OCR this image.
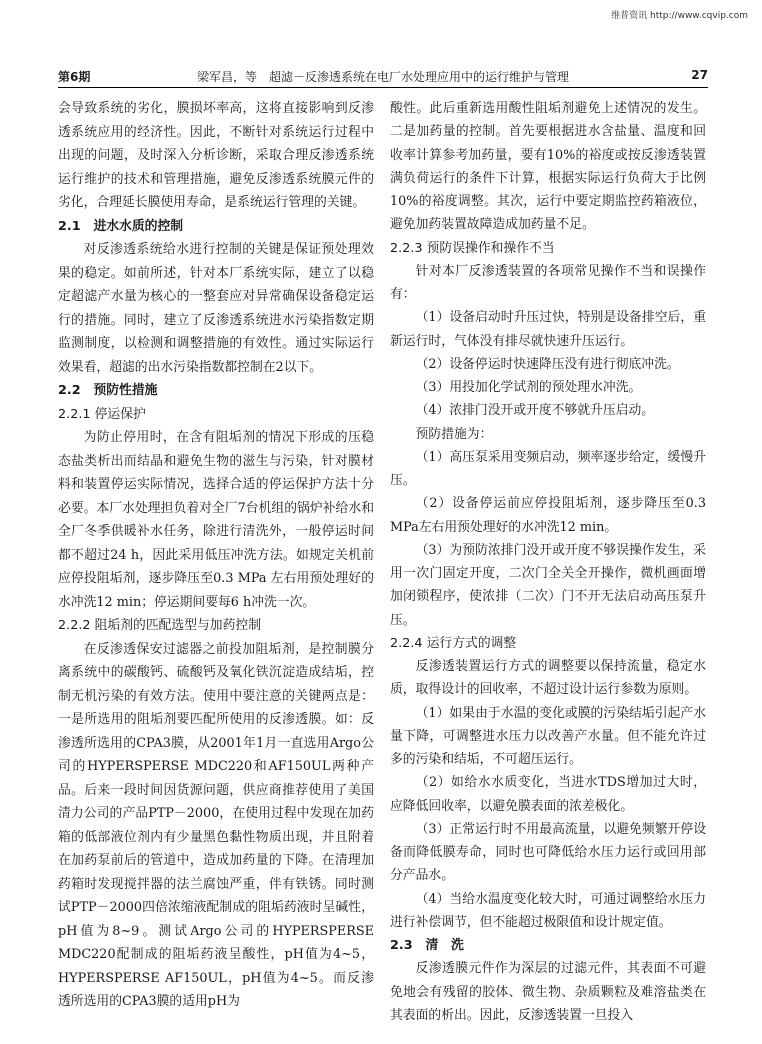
维普资讯 http://www.cqvip.com
第6期	梁军昌，等　超滤－反渗透系统在电厂水处理应用中的运行维护与管理	27

会导致系统的劣化，膜损坏率高，这将直接影响到反渗透系统应用的经济性。因此，不断针对系统运行过程中出现的问题，及时深入分析诊断，采取合理反渗透系统运行维护的技术和管理措施，避免反渗透系统膜元件的劣化，合理延长膜使用寿命，是系统运行管理的关键。

2.1　进水水质的控制

对反渗透系统给水进行控制的关键是保证预处理效果的稳定。如前所述，针对本厂系统实际，建立了以稳定超滤产水量为核心的一整套应对异常确保设备稳定运行的措施。同时，建立了反渗透系统进水污染指数定期监测制度，以检测和调整措施的有效性。通过实际运行效果看，超滤的出水污染指数都控制在2以下。

2.2　预防性措施
2.2.1 停运保护

为防止停用时，在含有阻垢剂的情况下形成的压稳态盐类析出而结晶和避免生物的滋生与污染，针对膜材料和装置停运实际情况，选择合适的停运保护方法十分必要。本厂水处理担负着对全厂7台机组的锅炉补给水和全厂冬季供暖补水任务，除进行清洗外，一般停运时间都不超过24 h，因此采用低压冲洗方法。如规定关机前应停投阻垢剂，逐步降压至0.3 MPa 左右用预处理好的水冲洗12 min；停运期间要每6 h冲洗一次。

2.2.2 阻垢剂的匹配选型与加药控制

在反渗透保安过滤器之前投加阻垢剂，是控制膜分离系统中的碳酸钙、硫酸钙及氧化铁沉淀造成结垢，控制无机污染的有效方法。使用中要注意的关键两点是：一是所选用的阻垢剂要匹配所使用的反渗透膜。如：反渗透所选用的CPA3膜，从2001年1月一直选用Argo公司的HYPERSPERSE MDC220和AF150UL两种产品。后来一段时间因货源问题，供应商推荐使用了美国清力公司的产品PTP－2000，在使用过程中发现在加药箱的低部液位剂内有少量黑色黏性物质出现，并且附着在加药泵前后的管道中，造成加药量的下降。在清理加药箱时发现搅拌器的法兰腐蚀严重，伴有铁锈。同时测试PTP－2000四倍浓缩液配制成的阻垢药液时呈碱性，pH值为8~9。测试Argo公司的HYPERSPERSE MDC220配制成的阻垢药液呈酸性，pH值为4~5，HYPERSPERSE AF150UL，pH值为4~5。而反渗透所选用的CPA3膜的适用pH为

酸性。此后重新选用酸性阻垢剂避免上述情况的发生。二是加药量的控制。首先要根据进水含盐量、温度和回收率计算参考加药量，要有10%的裕度或按反渗透装置满负荷运行的条件下计算，根据实际运行负荷大于比例10%的裕度调整。其次，运行中要定期监控药箱液位，避免加药装置故障造成加药量不足。

2.2.3 预防误操作和操作不当

针对本厂反渗透装置的各项常见操作不当和误操作有：

（1）设备启动时升压过快，特别是设备排空后，重新运行时，气体没有排尽就快速升压运行。

（2）设备停运时快速降压没有进行彻底冲洗。

（3）用投加化学试剂的预处理水冲洗。

（4）浓排门没开或开度不够就升压启动。

预防措施为：

（1）高压泵采用变频启动，频率逐步给定，缓慢升压。

（2）设备停运前应停投阻垢剂，逐步降压至0.3 MPa左右用预处理好的水冲洗12 min。

（3）为预防浓排门没开或开度不够误操作发生，采用一次门固定开度，二次门全关全开操作，微机画面增加闭锁程序，使浓排（二次）门不开无法启动高压泵升压。

2.2.4 运行方式的调整

反渗透装置运行方式的调整要以保持流量，稳定水质，取得设计的回收率，不超过设计运行参数为原则。

（1）如果由于水温的变化或膜的污染结垢引起产水量下降，可调整进水压力以改善产水量。但不能允许过多的污染和结垢，不可超压运行。

（2）如给水水质变化，当进水TDS增加过大时，应降低回收率，以避免膜表面的浓差极化。

（3）正常运行时不用最高流量，以避免频繁开停设备而降低膜寿命，同时也可降低给水压力运行或回用部分产品水。

（4）当给水温度变化较大时，可通过调整给水压力进行补偿调节，但不能超过极限值和设计规定值。

2.3　清　洗

反渗透膜元件作为深层的过滤元件，其表面不可避免地会有残留的胶体、微生物、杂质颗粒及难溶盐类在其表面的析出。因此，反渗透装置一旦投入
